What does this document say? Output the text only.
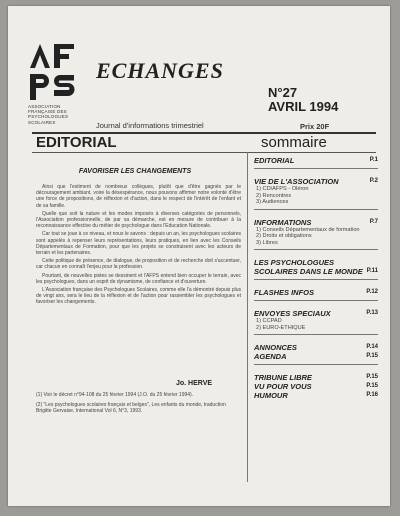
ASSOCIATION FRANÇAISE DES PSYCHOLOGUES SCOLAIRES
ECHANGES
N°27
AVRIL 1994
Journal d'informations trimestriel	Prix 20F
EDITORIAL	sommaire
FAVORISER LES CHANGEMENTS

Ainsi que l'estiment de nombreux collègues, plutôt que d'être gagnés par le découragement ambiant, voire la désespérance, nous pouvons affirmer notre volonté d'être une force de propositions, de réflexion et d'action, dans le respect de l'intérêt de l'enfant et de sa famille.

Quelle que soit la nature et les modes imposés à diverses catégories de personnels, l'Association professionnelle, de par sa démarche, est en mesure de contribuer à la reconnaissance effective du métier de psychologue dans l'Education Nationale.

Car tout se joue à ce niveau, et nous le savons : depuis un an, les psychologues scolaires sont appelés à repenser leurs représentations, leurs pratiques, en lien avec les Conseils Départementaux de Formation, pour que les projets se construisent avec les acteurs de terrain et les partenaires.

Cette politique de présence, de dialogue, de proposition et de recherche doit s'accentuer, car chacun en connaît l'enjeu pour la profession.

Pourtant, de nouvelles pistes se dessinent et l'AFPS entend bien occuper le terrain, avec les psychologues, dans un esprit de dynamisme, de confiance et d'ouverture.

L'Association française des Psychologues Scolaires, comme elle l'a démontré depuis plus de vingt ans, sera le lieu de la réflexion et de l'action pour rassembler les psychologues et favoriser les changements.

Jo. HERVE

(1) Voir le décret n°94-108 du 25 février 1994 (J.O. du 25 février 1994).

(2) "Les psychologues scolaires français et belges", Les enfants du monde, traduction Brigitte Gervaise, International Vol 6, N°3, 1993.

EDITORIAL	P.1
VIE DE L'ASSOCIATION	P.2
1) CD/AFPS - Oléron
2) Rencontres
3) Audiences
INFORMATIONS	P.7
1) Conseils Départementaux de formation
2) Droits et obligations
3) Libres
LES PSYCHOLOGUES SCOLAIRES DANS LE MONDE P.11
FLASHES INFOS	P.12
ENVOYES SPECIAUX	P.13
1) CCPAD
2) EURO-ETHIQUE
ANNONCES	P.14
AGENDA	P.15
TRIBUNE LIBRE	P.15
VU POUR VOUS	P.15
HUMOUR	P.16
